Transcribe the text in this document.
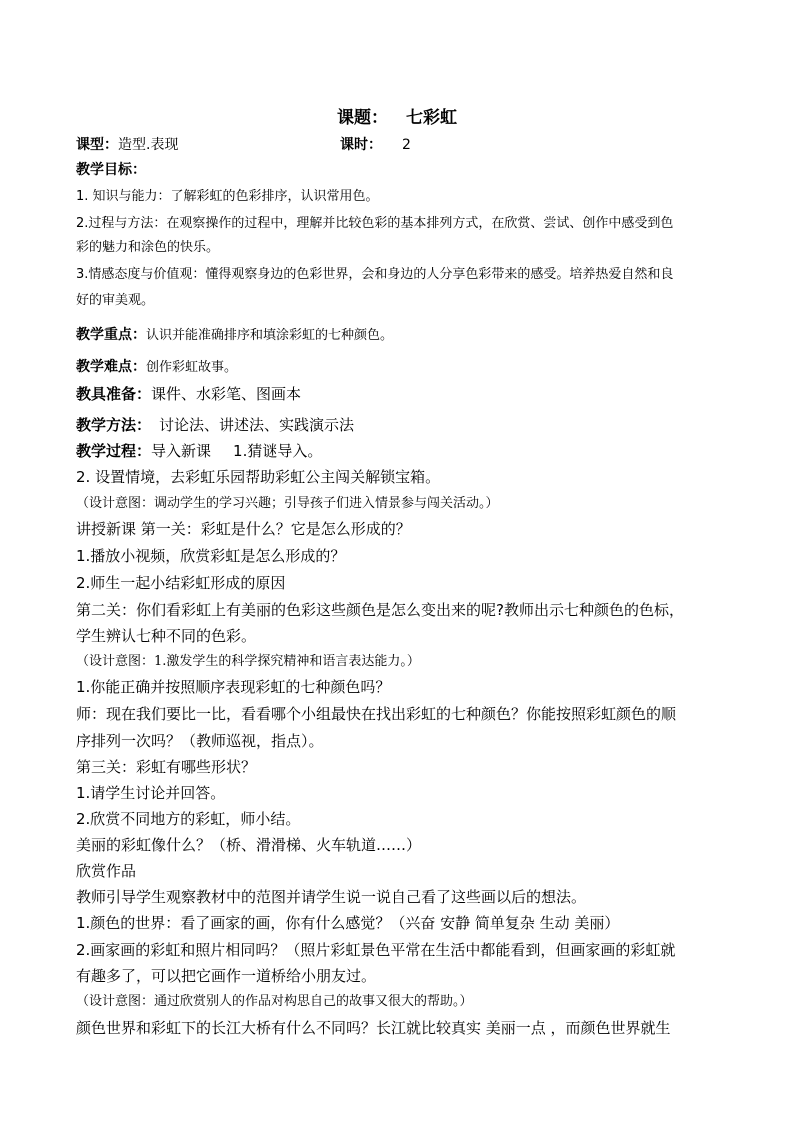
课题： 七彩虹
课型：造型.表现	课时： 2
教学目标：
1. 知识与能力：了解彩虹的色彩排序，认识常用色。
2.过程与方法：在观察操作的过程中，理解并比较色彩的基本排列方式，在欣赏、尝试、创作中感受到色
彩的魅力和涂色的快乐。
3.情感态度与价值观：懂得观察身边的色彩世界，会和身边的人分享色彩带来的感受。培养热爱自然和良
好的审美观。
教学重点：认识并能准确排序和填涂彩虹的七种颜色。
教学难点：创作彩虹故事。
教具准备：课件、水彩笔、图画本
教学方法： 讨论法、讲述法、实践演示法
教学过程：导入新课 1.猜谜导入。
2. 设置情境，去彩虹乐园帮助彩虹公主闯关解锁宝箱。
（设计意图：调动学生的学习兴趣；引导孩子们进入情景参与闯关活动。）
讲授新课 第一关：彩虹是什么？它是怎么形成的？
1.播放小视频，欣赏彩虹是怎么形成的？
2.师生一起小结彩虹形成的原因
第二关：你们看彩虹上有美丽的色彩这些颜色是怎么变出来的呢?教师出示七种颜色的色标，
学生辨认七种不同的色彩。
（设计意图：1.激发学生的科学探究精神和语言表达能力。）
1.你能正确并按照顺序表现彩虹的七种颜色吗？
师：现在我们要比一比，看看哪个小组最快在找出彩虹的七种颜色？你能按照彩虹颜色的顺
序排列一次吗？（教师巡视，指点）。
第三关：彩虹有哪些形状？
1.请学生讨论并回答。
2.欣赏不同地方的彩虹，师小结。
美丽的彩虹像什么？（桥、滑滑梯、火车轨道……）
欣赏作品
教师引导学生观察教材中的范图并请学生说一说自己看了这些画以后的想法。
1.颜色的世界：看了画家的画，你有什么感觉？（兴奋 安静 简单复杂 生动 美丽）
2.画家画的彩虹和照片相同吗？（照片彩虹景色平常在生活中都能看到，但画家画的彩虹就
有趣多了，可以把它画作一道桥给小朋友过。
（设计意图：通过欣赏别人的作品对构思自己的故事又很大的帮助。）
颜色世界和彩虹下的长江大桥有什么不同吗？长江就比较真实 美丽一点 ，而颜色世界就生
